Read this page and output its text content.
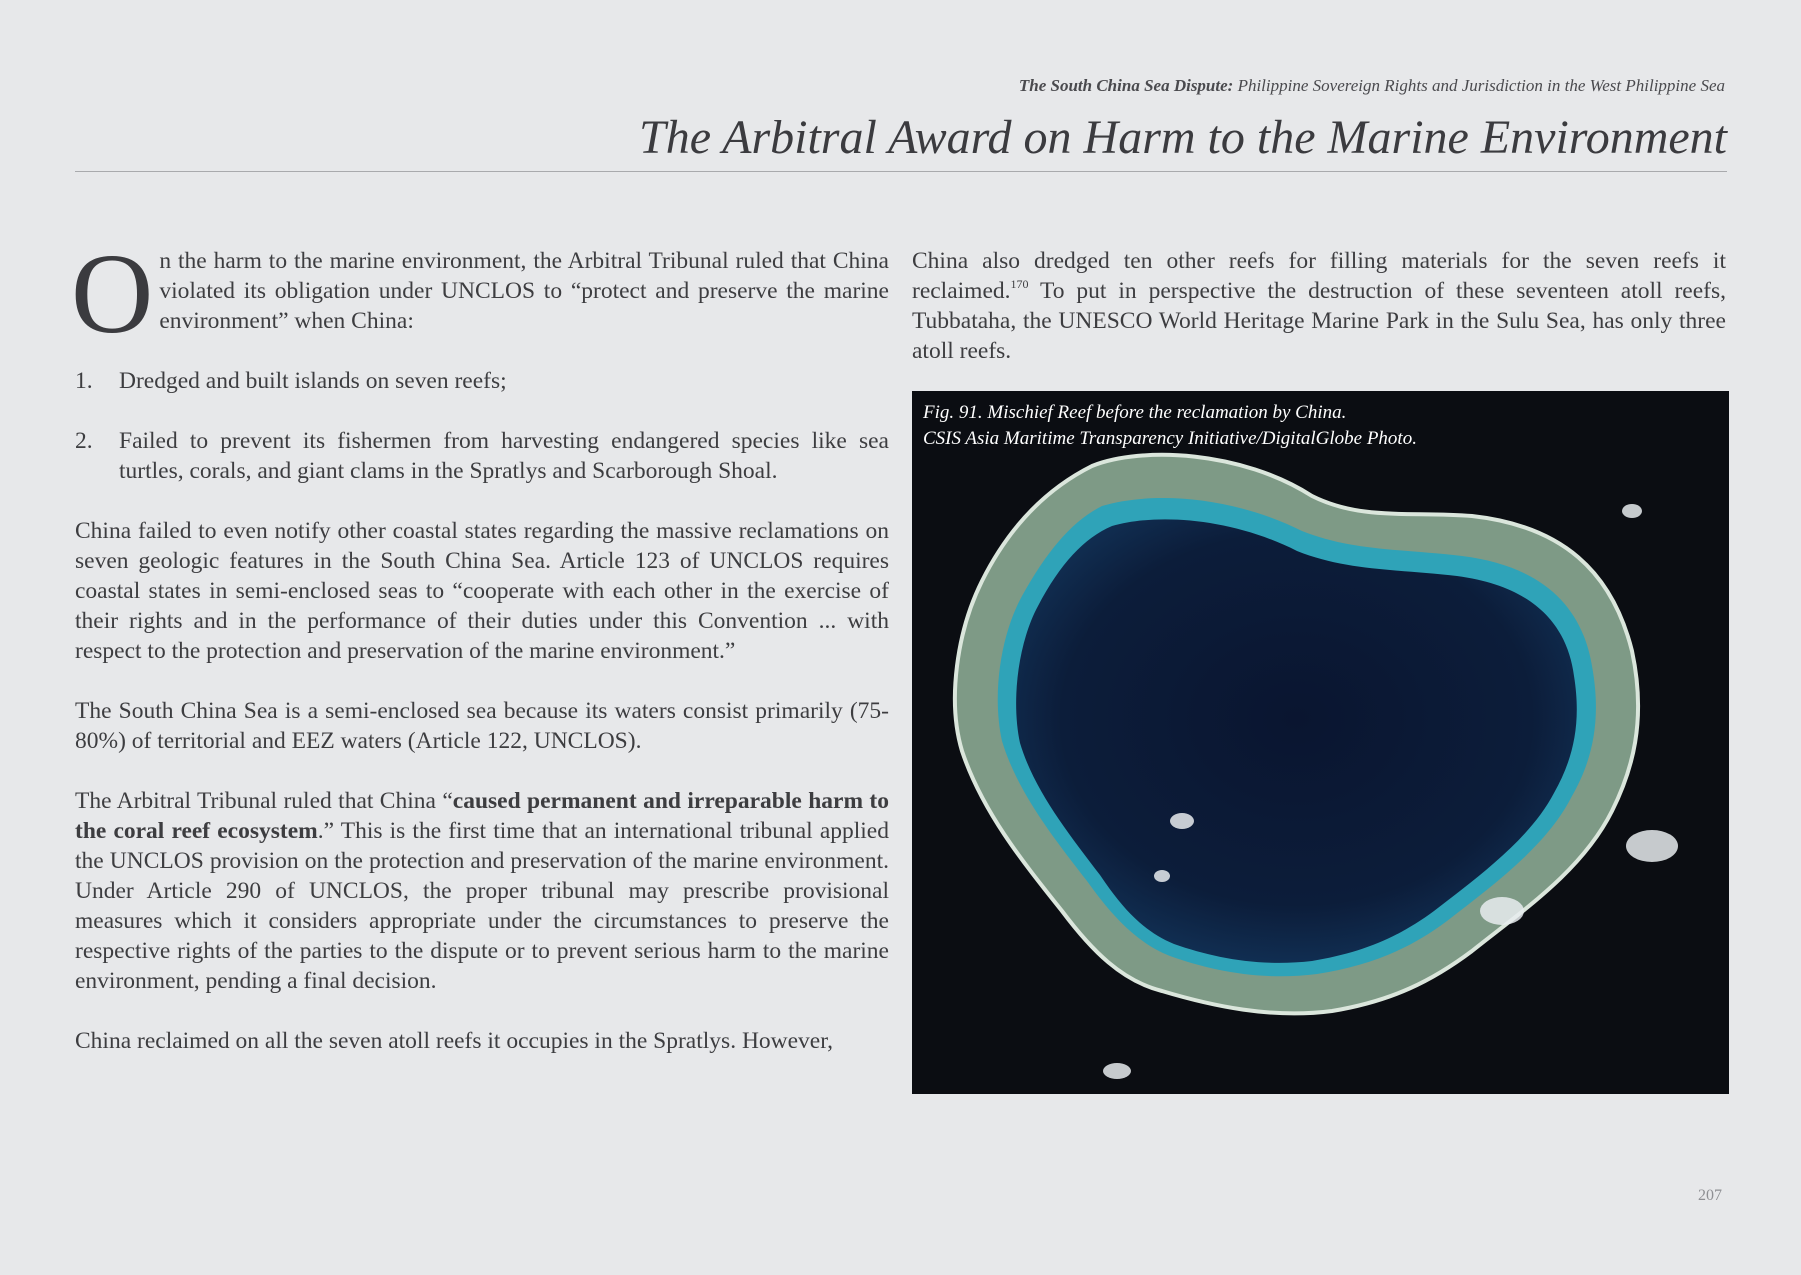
The South China Sea Dispute: Philippine Sovereign Rights and Jurisdiction in the West Philippine Sea
The Arbitral Award on Harm to the Marine Environment

On the harm to the marine environment, the Arbitral Tribunal ruled that China violated its obligation under UNCLOS to “protect and preserve the marine environment” when China:

1.	Dredged and built islands on seven reefs;
2.	Failed to prevent its fishermen from harvesting endangered species like sea turtles, corals, and giant clams in the Spratlys and Scarborough Shoal.

China failed to even notify other coastal states regarding the massive reclamations on seven geologic features in the South China Sea. Article 123 of UNCLOS requires coastal states in semi-enclosed seas to “cooperate with each other in the exercise of their rights and in the performance of their duties under this Convention ... with respect to the protection and preservation of the marine environment.”

The South China Sea is a semi-enclosed sea because its waters consist primarily (75-80%) of territorial and EEZ waters (Article 122, UNCLOS).

The Arbitral Tribunal ruled that China “caused permanent and irreparable harm to the coral reef ecosystem.” This is the first time that an international tribunal applied the UNCLOS provision on the protection and preservation of the marine environment. Under Article 290 of UNCLOS, the proper tribunal may prescribe provisional measures which it considers appropriate under the circumstances to preserve the respective rights of the parties to the dispute or to prevent serious harm to the marine environment, pending a final decision.

China reclaimed on all the seven atoll reefs it occupies in the Spratlys. However,

China also dredged ten other reefs for filling materials for the seven reefs it reclaimed.$^{170}$ To put in perspective the destruction of these seventeen atoll reefs, Tubbataha, the UNESCO World Heritage Marine Park in the Sulu Sea, has only three atoll reefs.

Fig. 91. Mischief Reef before the reclamation by China.
CSIS Asia Maritime Transparency Initiative/DigitalGlobe Photo.
207
